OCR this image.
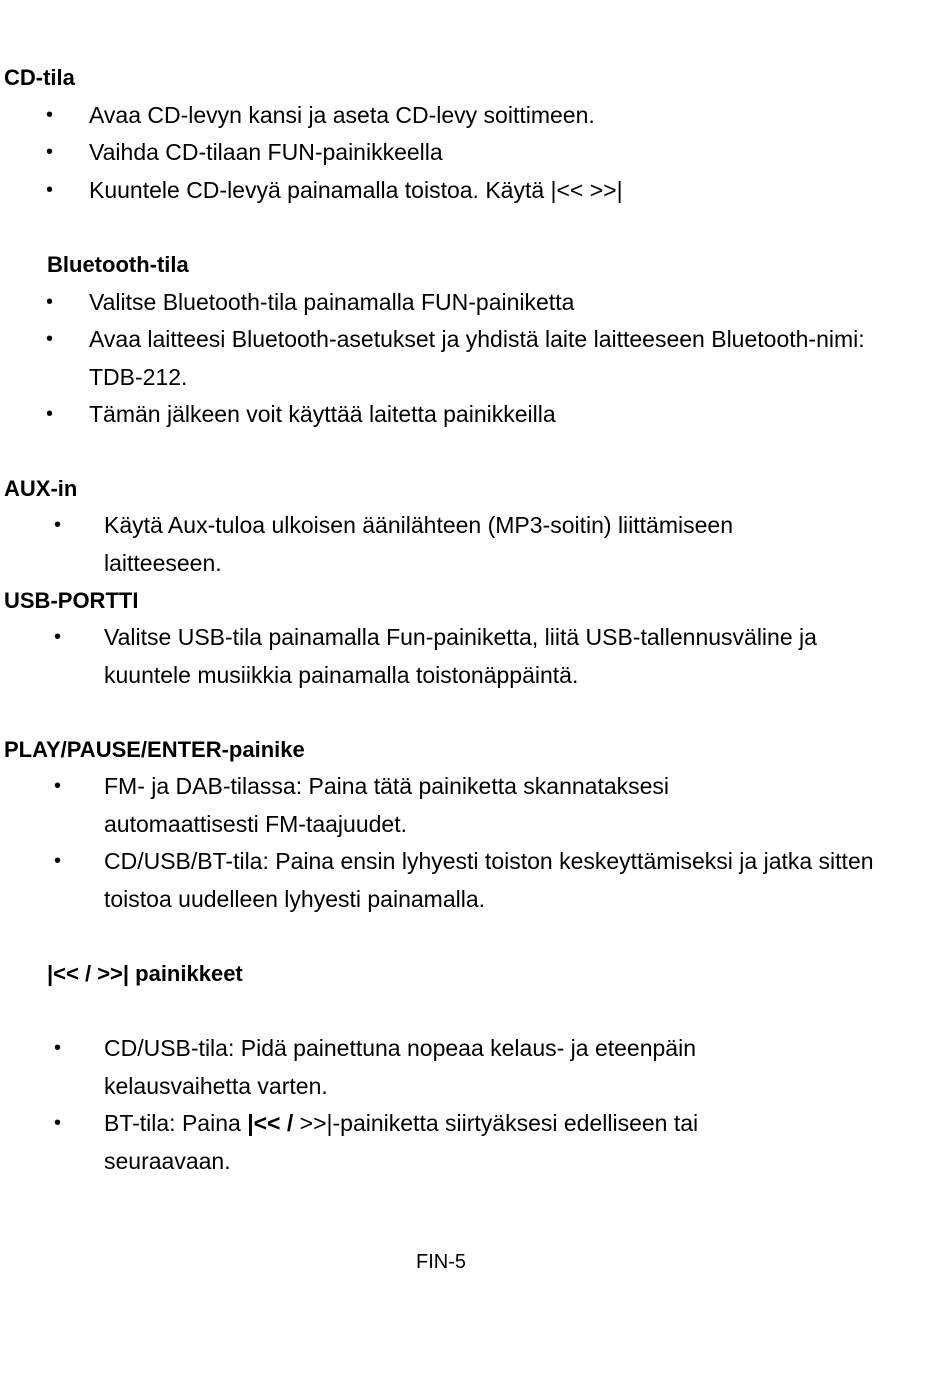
CD-tila
•	Avaa CD-levyn kansi ja aseta CD-levy soittimeen.
•	Vaihda CD-tilaan FUN-painikkeella
•	Kuuntele CD-levyä painamalla toistoa. Käytä |<< >>|
Bluetooth-tila
•	Valitse Bluetooth-tila painamalla FUN-painiketta
•	Avaa laitteesi Bluetooth-asetukset ja yhdistä laite laitteeseen Bluetooth-nimi: TDB-212.
•	Tämän jälkeen voit käyttää laitetta painikkeilla
AUX-in
•	Käytä Aux-tuloa ulkoisen äänilähteen (MP3-soitin) liittämiseen laitteeseen.
USB-PORTTI
•	Valitse USB-tila painamalla Fun-painiketta, liitä USB-tallennusväline ja kuuntele musiikkia painamalla toistonäppäintä.
PLAY/PAUSE/ENTER-painike
•	FM- ja DAB-tilassa: Paina tätä painiketta skannataksesi automaattisesti FM-taajuudet.
•	CD/USB/BT-tila: Paina ensin lyhyesti toiston keskeyttämiseksi ja jatka sitten toistoa uudelleen lyhyesti painamalla.
|<< / >>| painikkeet
•	CD/USB-tila: Pidä painettuna nopeaa kelaus- ja eteenpäin kelausvaihetta varten.
•	BT-tila: Paina |<< / >>|-painiketta siirtyäksesi edelliseen tai seuraavaan.
FIN-5
